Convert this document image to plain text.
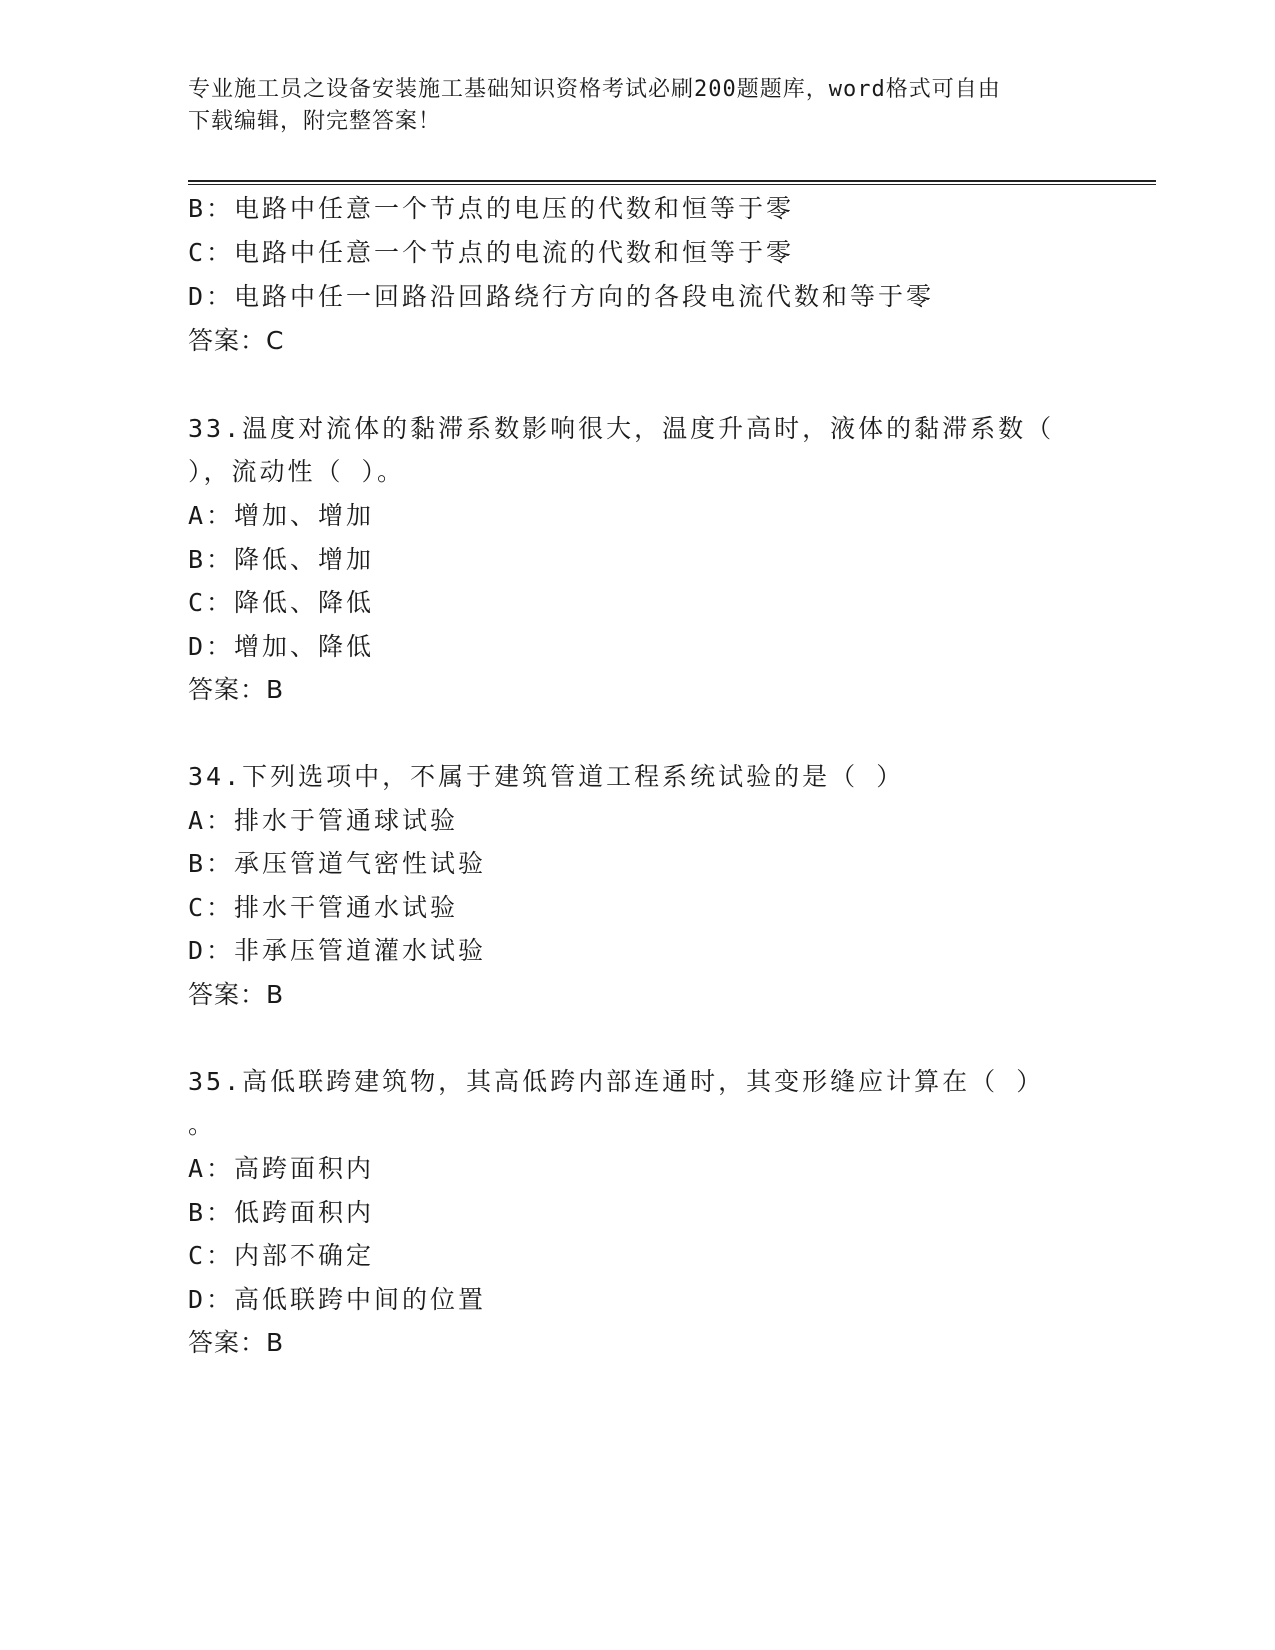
专业施工员之设备安装施工基础知识资格考试必刷200题题库，word格式可自由
下载编辑，附完整答案！
B：电路中任意一个节点的电压的代数和恒等于零
C：电路中任意一个节点的电流的代数和恒等于零
D：电路中任一回路沿回路绕行方向的各段电流代数和等于零
答案：C
33.温度对流体的黏滞系数影响很大，温度升高时，液体的黏滞系数（
），流动性（ ）。
A：增加、增加
B：降低、增加
C：降低、降低
D：增加、降低
答案：B
34.下列选项中，不属于建筑管道工程系统试验的是（ ）
A：排水于管通球试验
B：承压管道气密性试验
C：排水干管通水试验
D：非承压管道灌水试验
答案：B
35.高低联跨建筑物，其高低跨内部连通时，其变形缝应计算在（ ）
。
A：高跨面积内
B：低跨面积内
C：内部不确定
D：高低联跨中间的位置
答案：B
